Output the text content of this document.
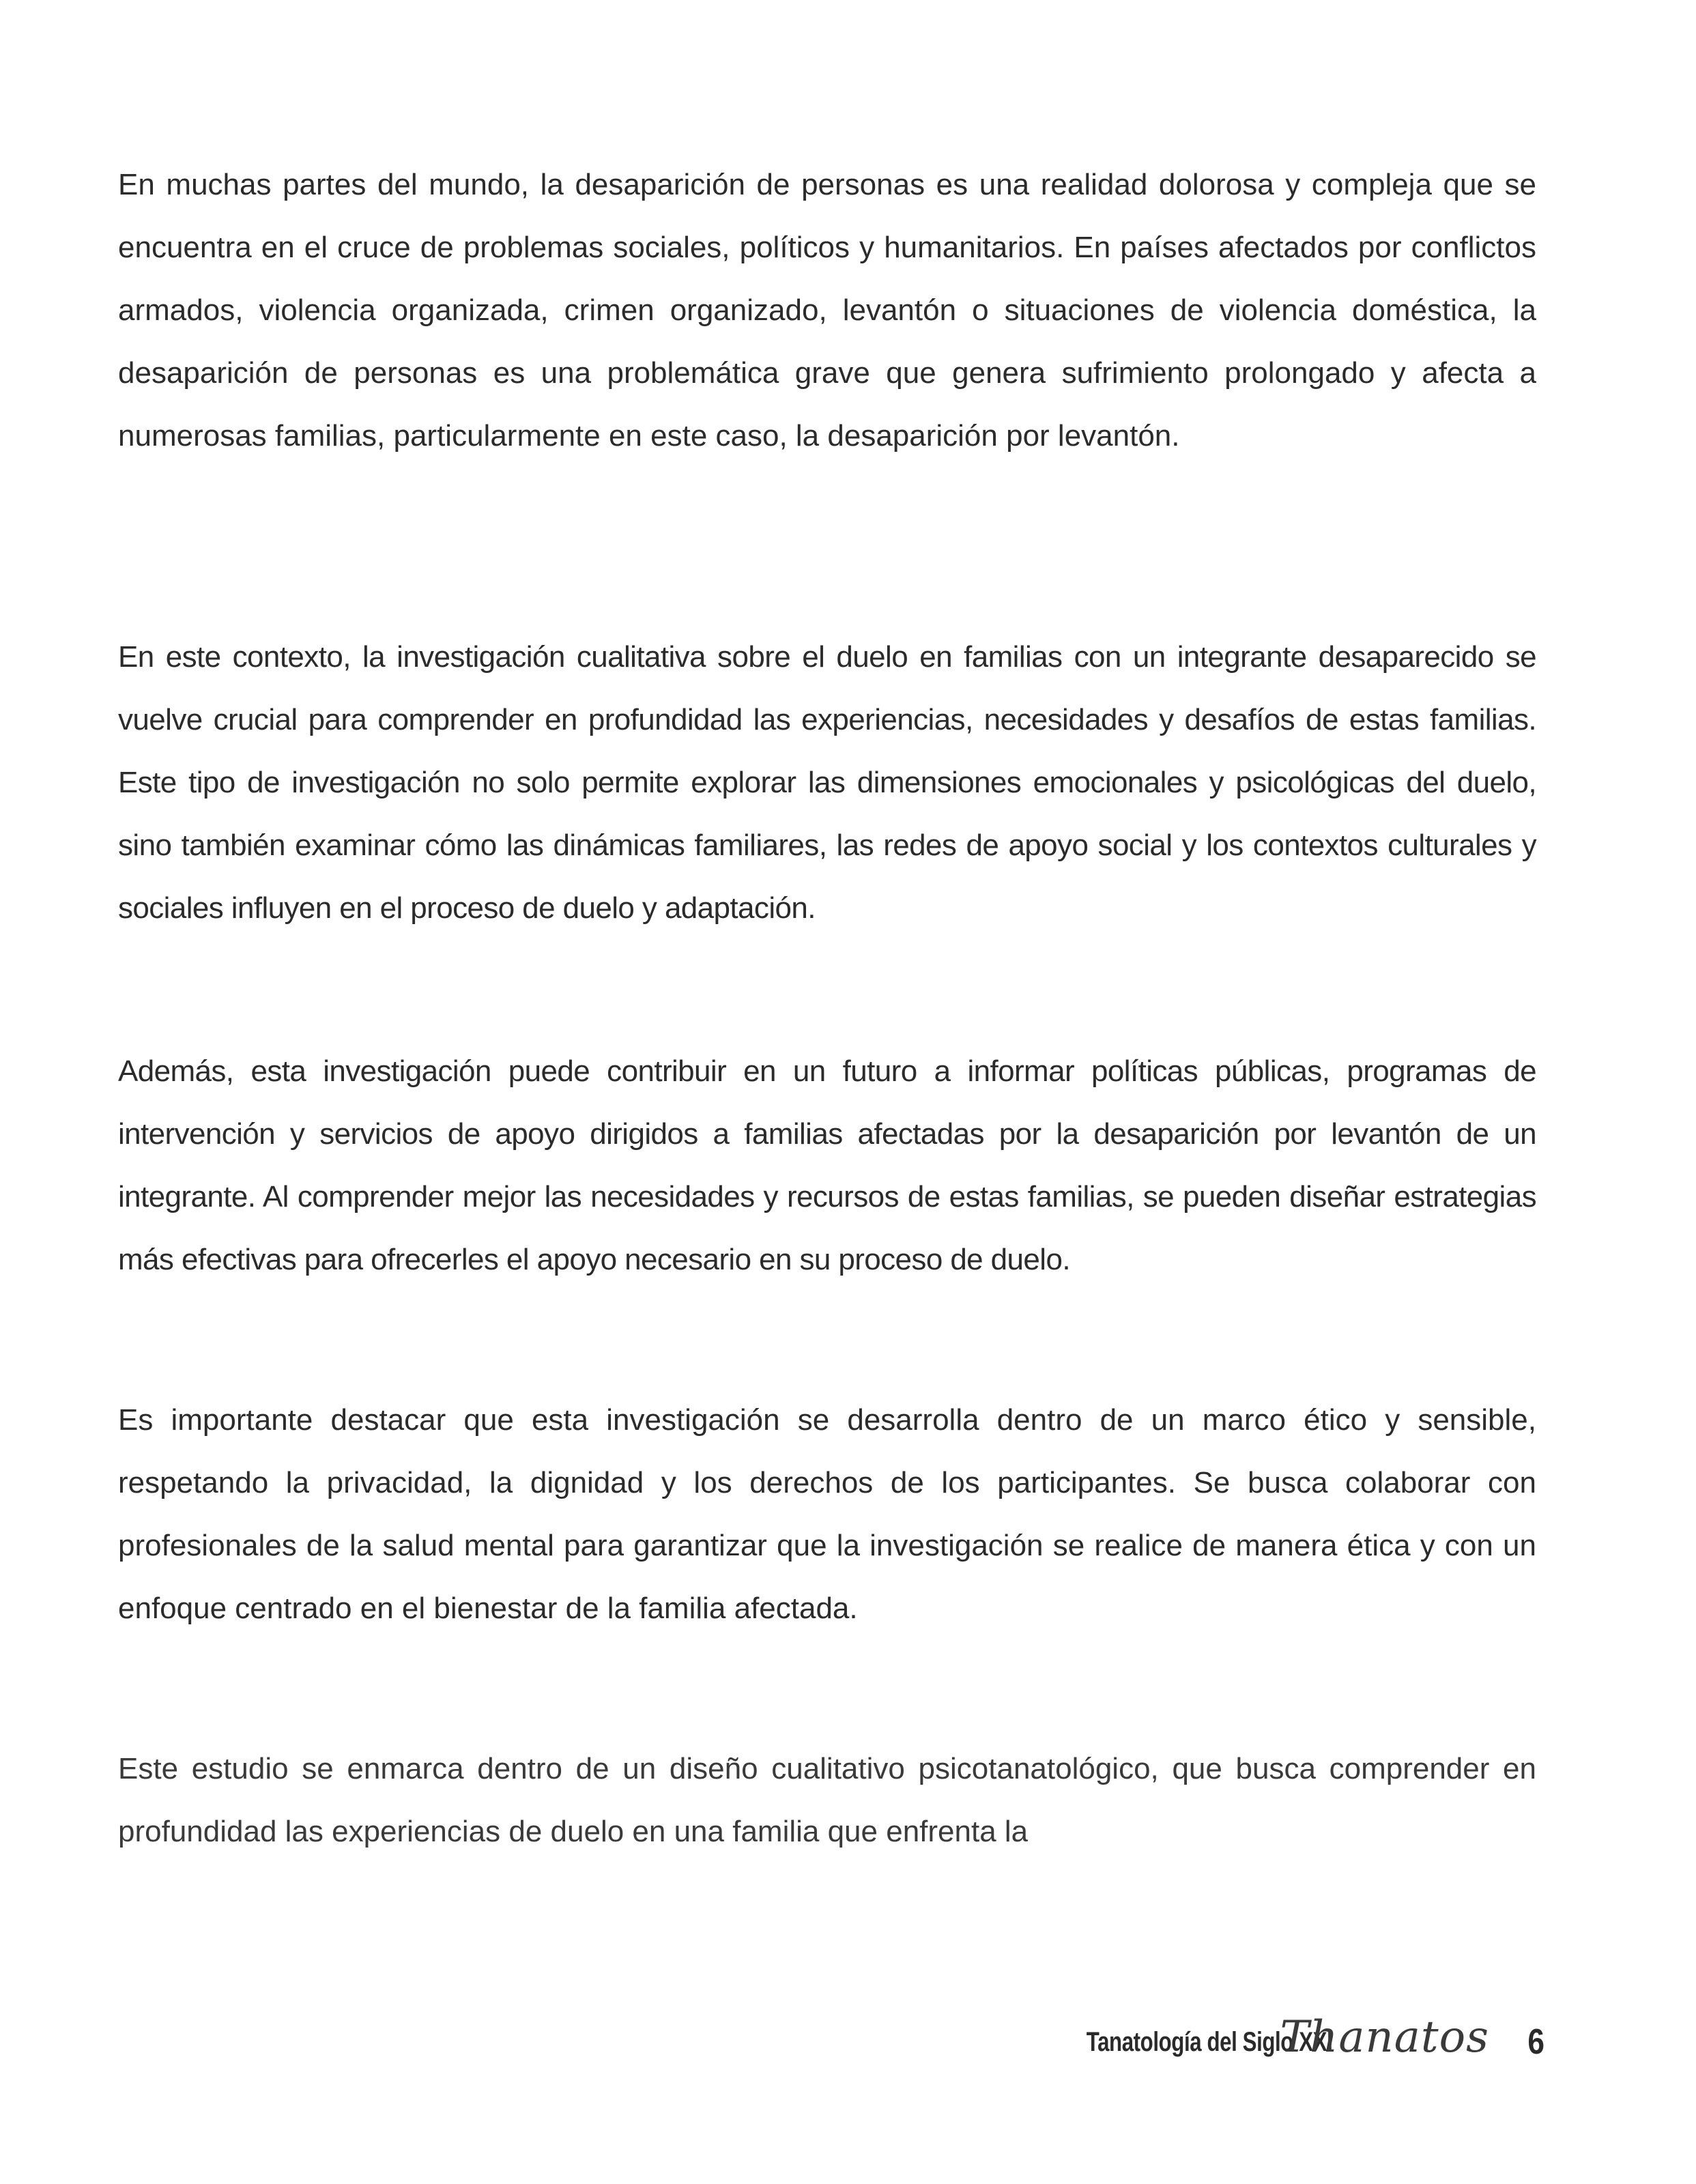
En muchas partes del mundo, la desaparición de personas es una realidad dolorosa y compleja que se encuentra en el cruce de problemas sociales, políticos y humanitarios. En países afectados por conflictos armados, violencia organizada, crimen organizado, levantón o situaciones de violencia doméstica, la desaparición de personas es una problemática grave que genera sufrimiento prolongado y afecta a numerosas familias, particularmente en este caso, la desaparición por levantón.

En este contexto, la investigación cualitativa sobre el duelo en familias con un integrante desaparecido se vuelve crucial para comprender en profundidad las experiencias, necesidades y desafíos de estas familias. Este tipo de investigación no solo permite explorar las dimensiones emocionales y psicológicas del duelo, sino también examinar cómo las dinámicas familiares, las redes de apoyo social y los contextos culturales y sociales influyen en el proceso de duelo y adaptación.

Además, esta investigación puede contribuir en un futuro a informar políticas públicas, programas de intervención y servicios de apoyo dirigidos a familias afectadas por la desaparición por levantón de un integrante. Al comprender mejor las necesidades y recursos de estas familias, se pueden diseñar estrategias más efectivas para ofrecerles el apoyo necesario en su proceso de duelo.

Es importante destacar que esta investigación se desarrolla dentro de un marco ético y sensible, respetando la privacidad, la dignidad y los derechos de los participantes. Se busca colaborar con profesionales de la salud mental para garantizar que la investigación se realice de manera ética y con un enfoque centrado en el bienestar de la familia afectada.

Este estudio se enmarca dentro de un diseño cualitativo psicotanatológico, que busca comprender en profundidad las experiencias de duelo en una familia que enfrenta la

Tanatología del Siglo XXI
Thanatos 6
